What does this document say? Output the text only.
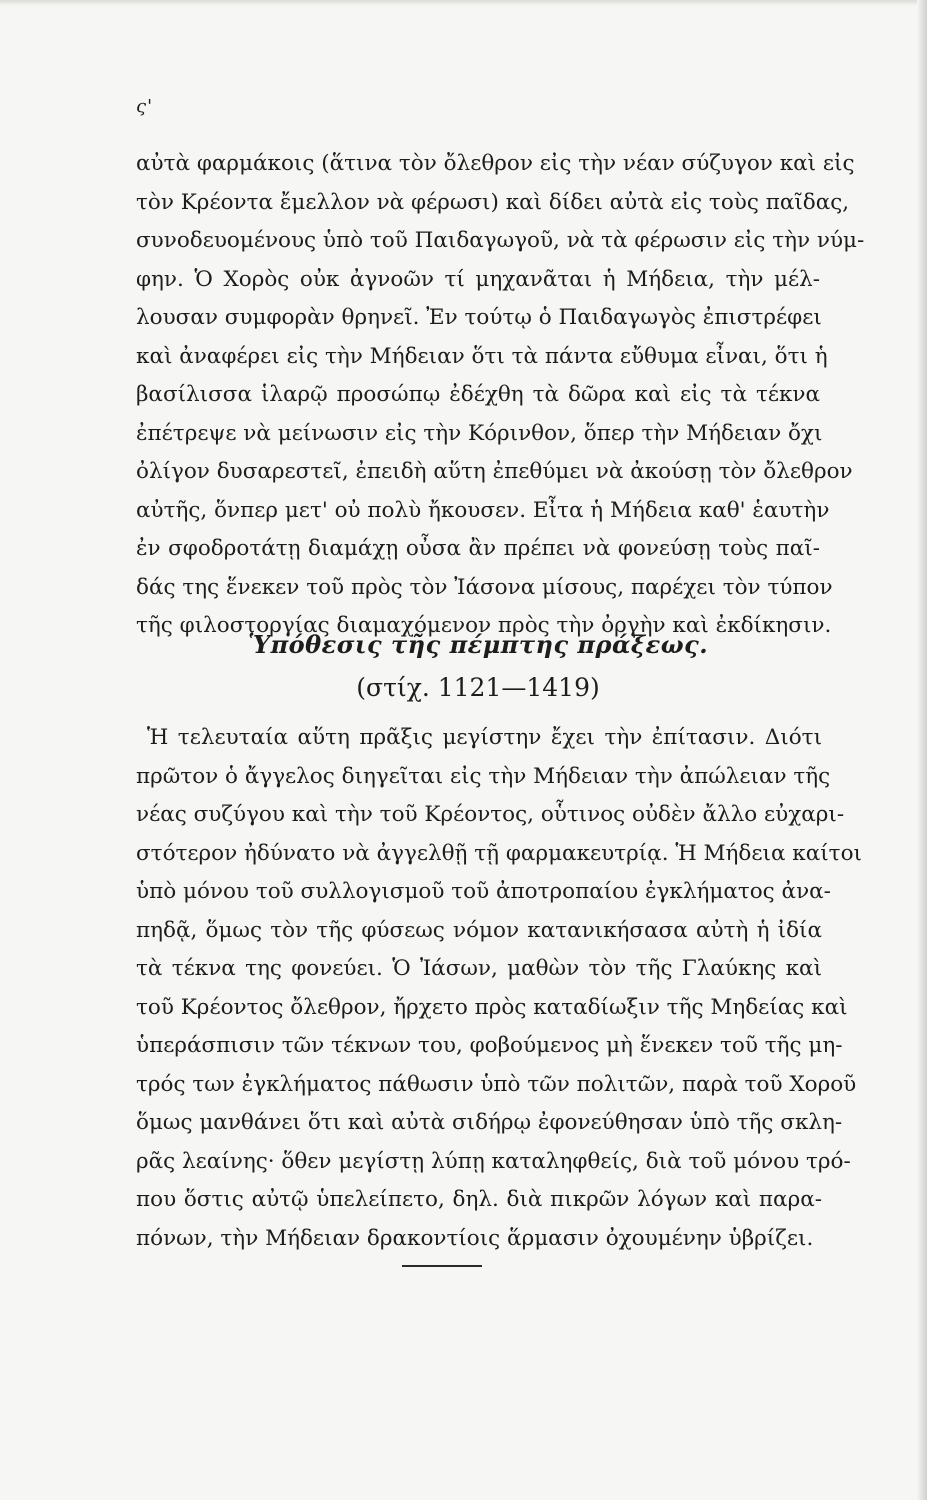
ς'

αὐτὰ φαρμάκοις (ἅτινα τὸν ὄλεθρον εἰς τὴν νέαν σύζυγον καὶ εἰς
τὸν Κρέοντα ἔμελλον νὰ φέρωσι) καὶ δίδει αὐτὰ εἰς τοὺς παῖδας,
συνοδευομένους ὑπὸ τοῦ Παιδαγωγοῦ, νὰ τὰ φέρωσιν εἰς τὴν νύμ-
φην. Ὁ Χορὸς οὐκ ἀγνοῶν τί μηχανᾶται ἡ Μήδεια, τὴν μέλ-
λουσαν συμφορὰν θρηνεῖ. Ἐν τούτῳ ὁ Παιδαγωγὸς ἐπιστρέφει
καὶ ἀναφέρει εἰς τὴν Μήδειαν ὅτι τὰ πάντα εὔθυμα εἶναι, ὅτι ἡ
βασίλισσα ἱλαρῷ προσώπῳ ἐδέχθη τὰ δῶρα καὶ εἰς τὰ τέκνα
ἐπέτρεψε νὰ μείνωσιν εἰς τὴν Κόρινθον, ὅπερ τὴν Μήδειαν ὄχι
ὀλίγον δυσαρεστεῖ, ἐπειδὴ αὕτη ἐπεθύμει νὰ ἀκούσῃ τὸν ὄλεθρον
αὐτῆς, ὅνπερ μετ' οὐ πολὺ ἤκουσεν. Εἶτα ἡ Μήδεια καθ' ἑαυτὴν
ἐν σφοδροτάτῃ διαμάχῃ οὖσα ἂν πρέπει νὰ φονεύσῃ τοὺς παῖ-
δάς της ἕνεκεν τοῦ πρὸς τὸν Ἰάσονα μίσους, παρέχει τὸν τύπον
τῆς φιλοστοργίας διαμαχόμενον πρὸς τὴν ὀργὴν καὶ ἐκδίκησιν.

Ὑπόθεσις τῆς πέμπτης πράξεως.
(στίχ. 1121—1419)

Ἡ τελευταία αὕτη πρᾶξις μεγίστην ἔχει τὴν ἐπίτασιν. Διότι
πρῶτον ὁ ἄγγελος διηγεῖται εἰς τὴν Μήδειαν τὴν ἀπώλειαν τῆς
νέας συζύγου καὶ τὴν τοῦ Κρέοντος, οὗτινος οὐδὲν ἄλλο εὐχαρι-
στότερον ἠδύνατο νὰ ἀγγελθῇ τῇ φαρμακευτρίᾳ. Ἡ Μήδεια καίτοι
ὑπὸ μόνου τοῦ συλλογισμοῦ τοῦ ἀποτροπαίου ἐγκλήματος ἀνα-
πηδᾷ, ὅμως τὸν τῆς φύσεως νόμον κατανικήσασα αὐτὴ ἡ ἰδία
τὰ τέκνα της φονεύει. Ὁ Ἰάσων, μαθὼν τὸν τῆς Γλαύκης καὶ
τοῦ Κρέοντος ὄλεθρον, ἤρχετο πρὸς καταδίωξιν τῆς Μηδείας καὶ
ὑπεράσπισιν τῶν τέκνων του, φοβούμενος μὴ ἕνεκεν τοῦ τῆς μη-
τρός των ἐγκλήματος πάθωσιν ὑπὸ τῶν πολιτῶν, παρὰ τοῦ Χοροῦ
ὅμως μανθάνει ὅτι καὶ αὐτὰ σιδήρῳ ἐφονεύθησαν ὑπὸ τῆς σκλη-
ρᾶς λεαίνης· ὅθεν μεγίστῃ λύπῃ καταληφθείς, διὰ τοῦ μόνου τρό-
που ὅστις αὐτῷ ὑπελείπετο, δηλ. διὰ πικρῶν λόγων καὶ παρα-
πόνων, τὴν Μήδειαν δρακοντίοις ἅρμασιν ὀχουμένην ὑβρίζει.
